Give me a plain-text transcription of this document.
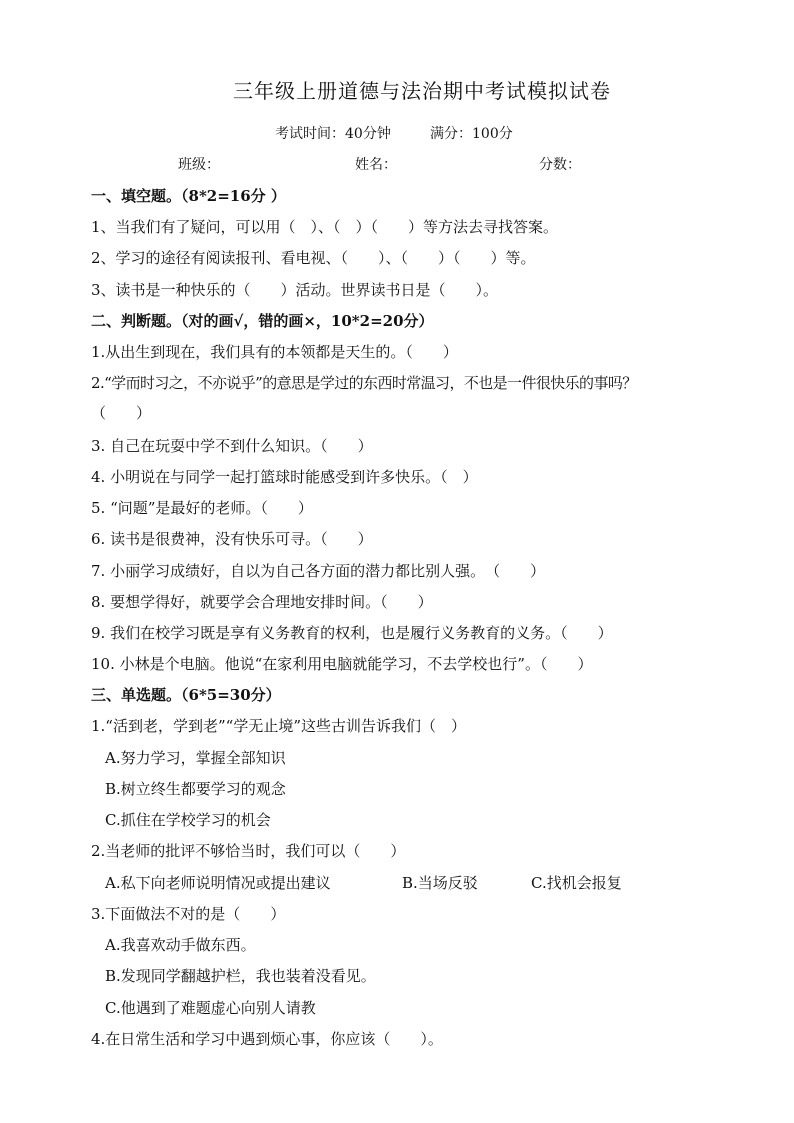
三年级上册道德与法治期中考试模拟试卷
考试时间：40分钟	满分：100分
班级：	姓名：	分数：
一、填空题。（8*2=16分 ）
1、当我们有了疑问，可以用（　）、（　）（　　）等方法去寻找答案。
2、学习的途径有阅读报刊、看电视、（　　）、（　　）（　　）等。
3、读书是一种快乐的（　　）活动。世界读书日是（　　）。
二、判断题。（对的画√，错的画×，10*2=20分）
1.从出生到现在，我们具有的本领都是天生的。（　　）
2.“学而时习之，不亦说乎”的意思是学过的东西时常温习，不也是一件很快乐的事吗？
（　　）
3. 自己在玩耍中学不到什么知识。（　　）
4. 小明说在与同学一起打篮球时能感受到许多快乐。（　）
5. “问题”是最好的老师。（　　）
6. 读书是很费神，没有快乐可寻。（　　）
7. 小丽学习成绩好，自以为自己各方面的潜力都比别人强。　（　　）
8. 要想学得好，就要学会合理地安排时间。（　　）
9. 我们在校学习既是享有义务教育的权利，也是履行义务教育的义务。（　　）
10. 小林是个电脑。他说“在家利用电脑就能学习，不去学校也行”。（　　）
三、单选题。（6*5=30分）
1.“活到老，学到老”“学无止境”这些古训告诉我们（　）
A.努力学习，掌握全部知识
B.树立终生都要学习的观念
C.抓住在学校学习的机会
2.当老师的批评不够恰当时，我们可以（　　）
A.私下向老师说明情况或提出建议	B.当场反驳	C.找机会报复
3.下面做法不对的是（　　）
A.我喜欢动手做东西。
B.发现同学翻越护栏，我也装着没看见。
C.他遇到了难题虚心向别人请教
4.在日常生活和学习中遇到烦心事，你应该（　　）。
